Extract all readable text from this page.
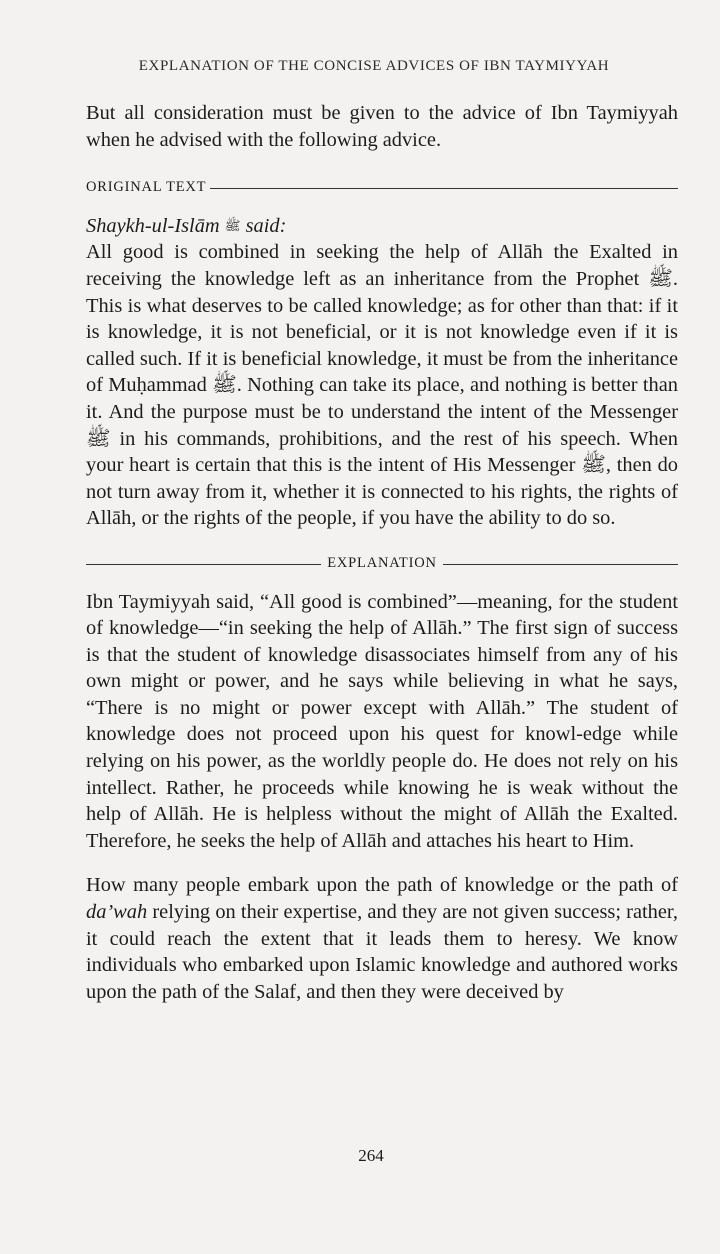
EXPLANATION OF THE CONCISE ADVICES OF IBN TAYMIYYAH

But all consideration must be given to the advice of Ibn Taymiyyah when he advised with the following advice.

ORIGINAL TEXT

Shaykh-ul-Islām ﷺ said:

All good is combined in seeking the help of Allāh the Exalted in receiving the knowledge left as an inheritance from the Prophet ﷺ. This is what deserves to be called knowledge; as for other than that: if it is knowledge, it is not beneficial, or it is not knowledge even if it is called such. If it is beneficial knowledge, it must be from the inheritance of Muḥammad ﷺ. Nothing can take its place, and nothing is better than it. And the purpose must be to understand the intent of the Messenger ﷺ in his commands, prohibitions, and the rest of his speech. When your heart is certain that this is the intent of His Messenger ﷺ, then do not turn away from it, whether it is connected to his rights, the rights of Allāh, or the rights of the people, if you have the ability to do so.

EXPLANATION

Ibn Taymiyyah said, “All good is combined”—meaning, for the student of knowledge—“in seeking the help of Allāh.” The first sign of success is that the student of knowledge disassociates himself from any of his own might or power, and he says while believing in what he says, “There is no might or power except with Allāh.” The student of knowledge does not proceed upon his quest for knowl-edge while relying on his power, as the worldly people do. He does not rely on his intellect. Rather, he proceeds while knowing he is weak without the help of Allāh. He is helpless without the might of Allāh the Exalted. Therefore, he seeks the help of Allāh and attaches his heart to Him.

How many people embark upon the path of knowledge or the path of da’wah relying on their expertise, and they are not given success; rather, it could reach the extent that it leads them to heresy. We know individuals who embarked upon Islamic knowledge and authored works upon the path of the Salaf, and then they were deceived by

264
